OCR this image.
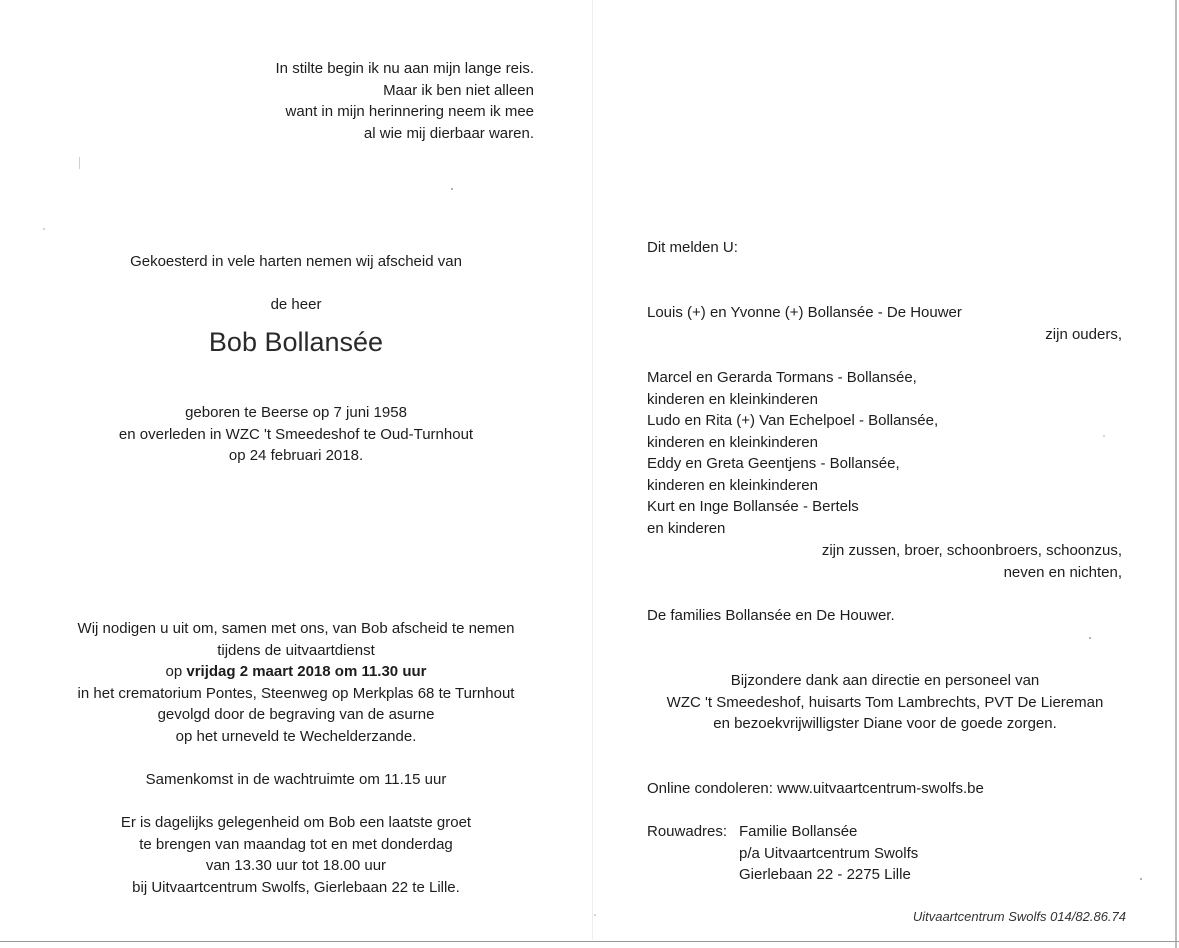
In stilte begin ik nu aan mijn lange reis.
Maar ik ben niet alleen
want in mijn herinnering neem ik mee
al wie mij dierbaar waren.
Gekoesterd in vele harten nemen wij afscheid van
de heer
Bob Bollansée
geboren te Beerse op 7 juni 1958
en overleden in WZC 't Smeedeshof te Oud-Turnhout
op 24 februari 2018.
Wij nodigen u uit om, samen met ons, van Bob afscheid te nemen
tijdens de uitvaartdienst
op vrijdag 2 maart 2018 om 11.30 uur
in het crematorium Pontes, Steenweg op Merkplas 68 te Turnhout
gevolgd door de begraving van de asurne
op het urneveld te Wechelderzande.
Samenkomst in de wachtruimte om 11.15 uur
Er is dagelijks gelegenheid om Bob een laatste groet
te brengen van maandag tot en met donderdag
van 13.30 uur tot 18.00 uur
bij Uitvaartcentrum Swolfs, Gierlebaan 22 te Lille.
Dit melden U:
Louis (+) en Yvonne (+) Bollansée - De Houwer
zijn ouders,
Marcel en Gerarda Tormans - Bollansée,
kinderen en kleinkinderen
Ludo en Rita (+) Van Echelpoel - Bollansée,
kinderen en kleinkinderen
Eddy en Greta Geentjens - Bollansée,
kinderen en kleinkinderen
Kurt en Inge Bollansée - Bertels
en kinderen
zijn zussen, broer, schoonbroers, schoonzus,
neven en nichten,
De families Bollansée en De Houwer.
Bijzondere dank aan directie en personeel van
WZC 't Smeedeshof, huisarts Tom Lambrechts, PVT De Liereman
en bezoekvrijwilligster Diane voor de goede zorgen.
Online condoleren: www.uitvaartcentrum-swolfs.be
Rouwadres: Familie Bollansée
p/a Uitvaartcentrum Swolfs
Gierlebaan 22 - 2275 Lille
Uitvaartcentrum Swolfs 014/82.86.74
